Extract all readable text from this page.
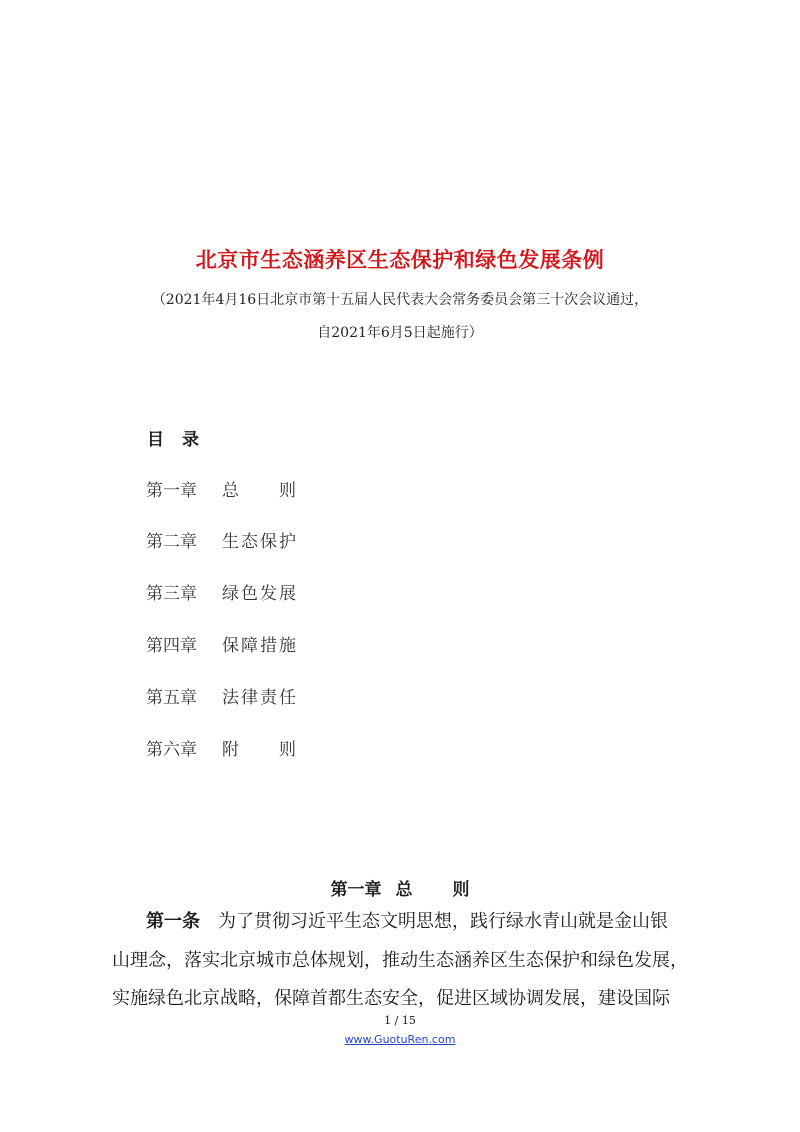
北京市生态涵养区生态保护和绿色发展条例
（2021年4月16日北京市第十五届人民代表大会常务委员会第三十次会议通过，
自2021年6月5日起施行）
目录
第一章 总则
第二章 生态保护
第三章 绿色发展
第四章 保障措施
第五章 法律责任
第六章 附则
第一章 总 则
第一条 为了贯彻习近平生态文明思想，践行绿水青山就是金山银
山理念，落实北京城市总体规划，推动生态涵养区生态保护和绿色发展，
实施绿色北京战略，保障首都生态安全，促进区域协调发展，建设国际
1 / 15
www.GuotuRen.com
